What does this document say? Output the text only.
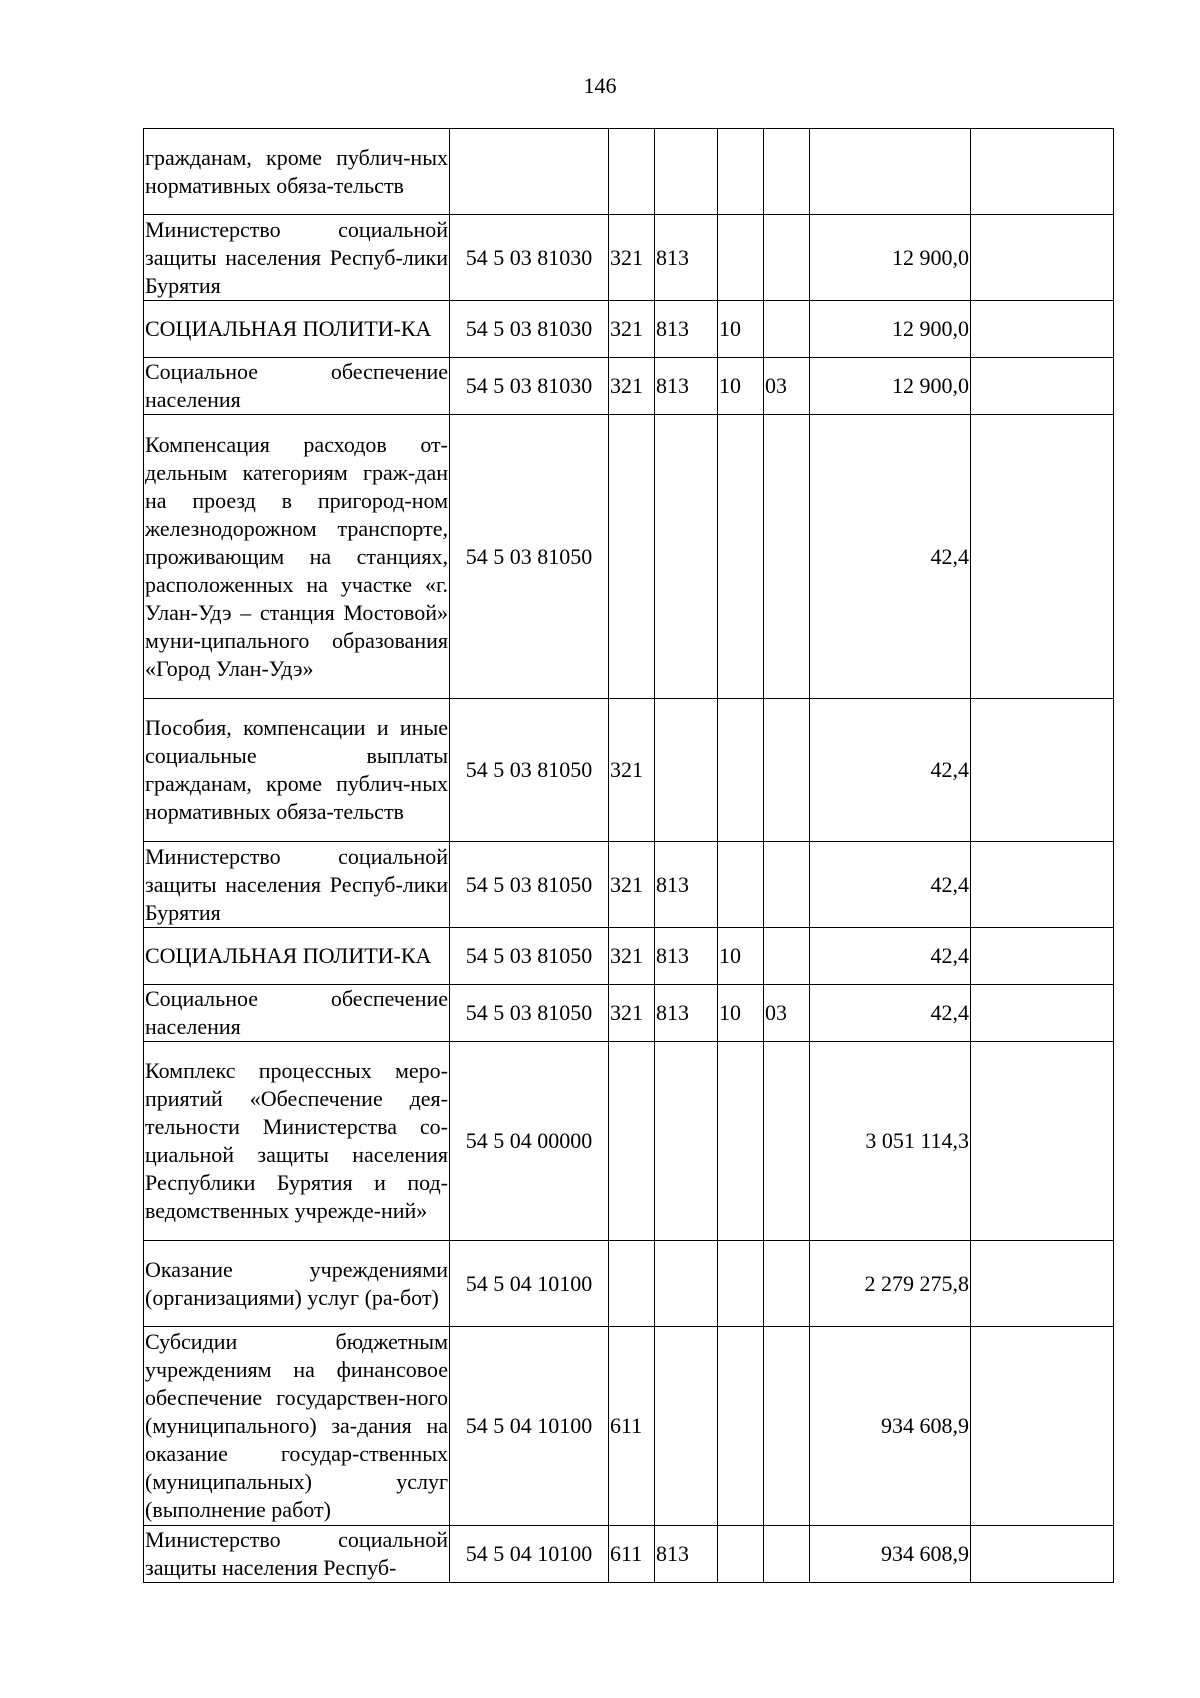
146
гражданам, кроме публич-ных нормативных обяза-тельств							
Министерство социальной защиты населения Респуб-лики Бурятия	54 5 03 81030	321	813			12 900,0	
СОЦИАЛЬНАЯ ПОЛИТИ-КА	54 5 03 81030	321	813	10		12 900,0	
Социальное обеспечение населения	54 5 03 81030	321	813	10	03	12 900,0	
Компенсация расходов от-дельным категориям граж-дан на проезд в пригород-ном железнодорожном транспорте, проживающим на станциях, расположенных на участке «г. Улан-Удэ – станция Мостовой» муни-ципального образования «Город Улан-Удэ»	54 5 03 81050					42,4	
Пособия, компенсации и иные социальные выплаты гражданам, кроме публич-ных нормативных обяза-тельств	54 5 03 81050	321				42,4	
Министерство социальной защиты населения Респуб-лики Бурятия	54 5 03 81050	321	813			42,4	
СОЦИАЛЬНАЯ ПОЛИТИ-КА	54 5 03 81050	321	813	10		42,4	
Социальное обеспечение населения	54 5 03 81050	321	813	10	03	42,4	
Комплекс процессных меро-приятий «Обеспечение дея-тельности Министерства со-циальной защиты населения Республики Бурятия и под-ведомственных учрежде-ний»	54 5 04 00000					3 051 114,3	
Оказание учреждениями (организациями) услуг (ра-бот)	54 5 04 10100					2 279 275,8	
Субсидии бюджетным учреждениям на финансовое обеспечение государствен-ного (муниципального) за-дания на оказание государ-ственных (муниципальных) услуг (выполнение работ)	54 5 04 10100	611				934 608,9	
Министерство социальной защиты населения Респуб-	54 5 04 10100	611	813			934 608,9	
